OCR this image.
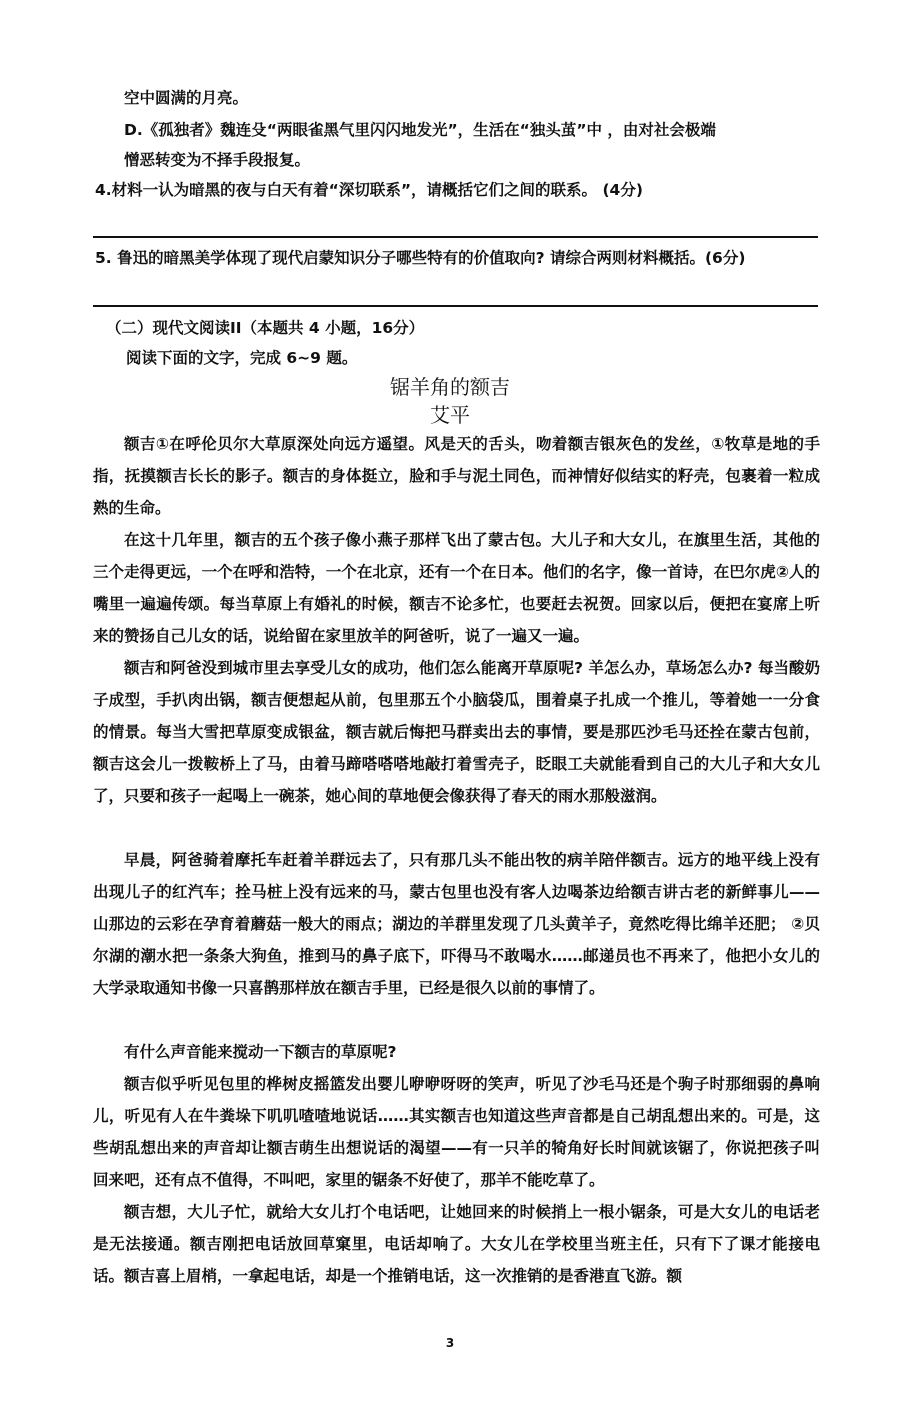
空中圆满的月亮。
D.《孤独者》魏连殳“两眼雀黑气里闪闪地发光”，生活在“独头茧”中 ，由对社会极端
憎恶转变为不择手段报复。
4.材料一认为暗黑的夜与白天有着“深切联系”，请概括它们之间的联系。 (4分)
5. 鲁迅的暗黑美学体现了现代启蒙知识分子哪些特有的价值取向? 请综合两则材料概括。(6分)
（二）现代文阅读II（本题共 4 小题，16分）
阅读下面的文字，完成 6~9 题。
锯羊角的额吉
艾平

额吉①在呼伦贝尔大草原深处向远方遥望。风是天的舌头，吻着额吉银灰色的发丝，①牧草是地的手指，抚摸额吉长长的影子。额吉的身体挺立，脸和手与泥土同色，而神情好似结实的籽壳，包裹着一粒成熟的生命。

在这十几年里，额吉的五个孩子像小燕子那样飞出了蒙古包。大儿子和大女儿，在旗里生活，其他的三个走得更远，一个在呼和浩特，一个在北京，还有一个在日本。他们的名字，像一首诗，在巴尔虎②人的嘴里一遍遍传颂。每当草原上有婚礼的时候，额吉不论多忙，也要赶去祝贺。回家以后，便把在宴席上听来的赞扬自己儿女的话，说给留在家里放羊的阿爸听，说了一遍又一遍。

额吉和阿爸没到城市里去享受儿女的成功，他们怎么能离开草原呢? 羊怎么办，草场怎么办? 每当酸奶子成型，手扒肉出锅，额吉便想起从前，包里那五个小脑袋瓜，围着桌子扎成一个推儿，等着她一一分食的情景。每当大雪把草原变成银盆，额吉就后悔把马群卖出去的事情，要是那匹沙毛马还拴在蒙古包前，额吉这会儿一拨鞍桥上了马，由着马蹄嗒嗒嗒地敲打着雪壳子，眨眼工夫就能看到自己的大儿子和大女儿了，只要和孩子一起喝上一碗茶，她心间的草地便会像获得了春天的雨水那般滋润。

早晨，阿爸骑着摩托车赶着羊群远去了，只有那几头不能出牧的病羊陪伴额吉。远方的地平线上没有出现儿子的红汽车；拴马桩上没有远来的马，蒙古包里也没有客人边喝茶边给额吉讲古老的新鲜事儿——山那边的云彩在孕育着蘑菇一般大的雨点；湖边的羊群里发现了几头黄羊子，竟然吃得比绵羊还肥； ②贝尔湖的潮水把一条条大狗鱼，推到马的鼻子底下，吓得马不敢喝水……邮递员也不再来了，他把小女儿的大学录取通知书像一只喜鹊那样放在额吉手里，已经是很久以前的事情了。

有什么声音能来搅动一下额吉的草原呢?

额吉似乎听见包里的桦树皮摇篮发出婴儿咿咿呀呀的笑声，听见了沙毛马还是个驹子时那细弱的鼻响儿，听见有人在牛粪垛下叽叽喳喳地说话……其实额吉也知道这些声音都是自己胡乱想出来的。可是，这些胡乱想出来的声音却让额吉萌生出想说话的渴望——有一只羊的犄角好长时间就该锯了，你说把孩子叫回来吧，还有点不值得，不叫吧，家里的锯条不好使了，那羊不能吃草了。

额吉想，大儿子忙，就给大女儿打个电话吧，让她回来的时候捎上一根小锯条，可是大女儿的电话老是无法接通。额吉刚把电话放回草窠里，电话却响了。大女儿在学校里当班主任，只有下了课才能接电话。额吉喜上眉梢，一拿起电话，却是一个推销电话，这一次推销的是香港直飞游。额

3
